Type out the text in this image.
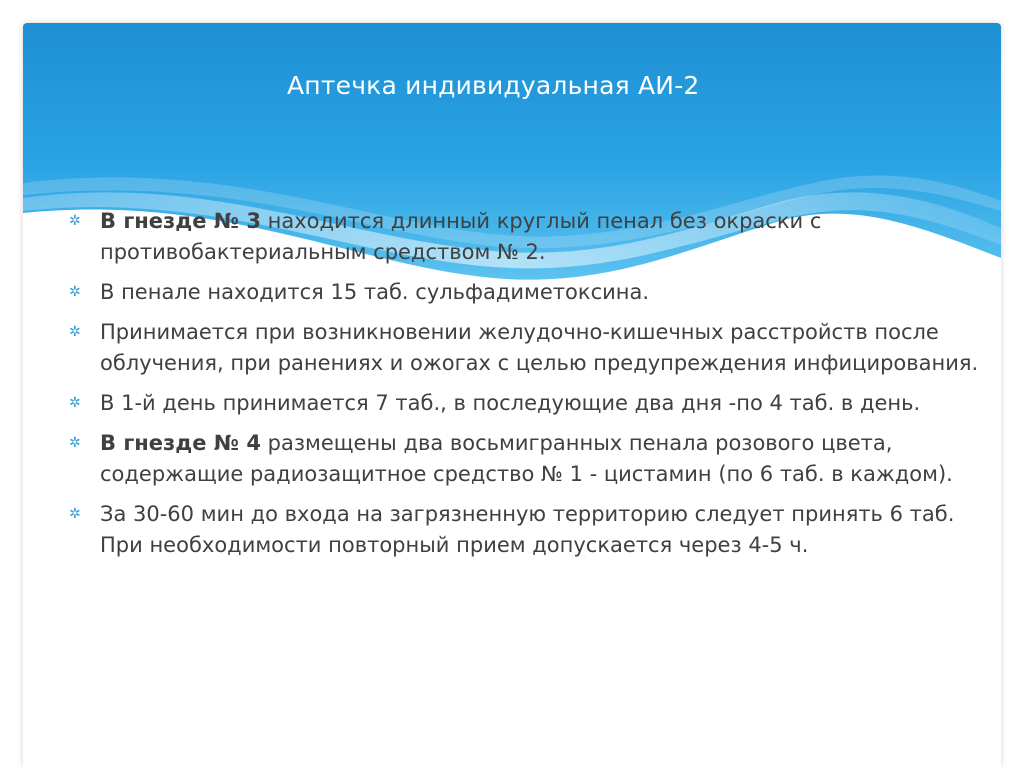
Аптечка индивидуальная АИ-2
✲ В гнезде № 3 находится длинный круглый пенал без окраски с противобактериальным средством № 2.
✲ В пенале находится 15 таб. сульфадиметоксина.
✲ Принимается при возникновении желудочно-кишечных расстройств после облучения, при ранениях и ожогах с целью предупреждения инфицирования.
✲ В 1-й день принимается 7 таб., в последующие два дня -по 4 таб. в день.
✲ В гнезде № 4 размещены два восьмигранных пенала розового цвета, содержащие радиозащитное средство № 1 - цистамин (по 6 таб. в каждом).
✲ За 30-60 мин до входа на загрязненную территорию следует принять 6 таб. При необходимости повторный прием допускается через 4-5 ч.
